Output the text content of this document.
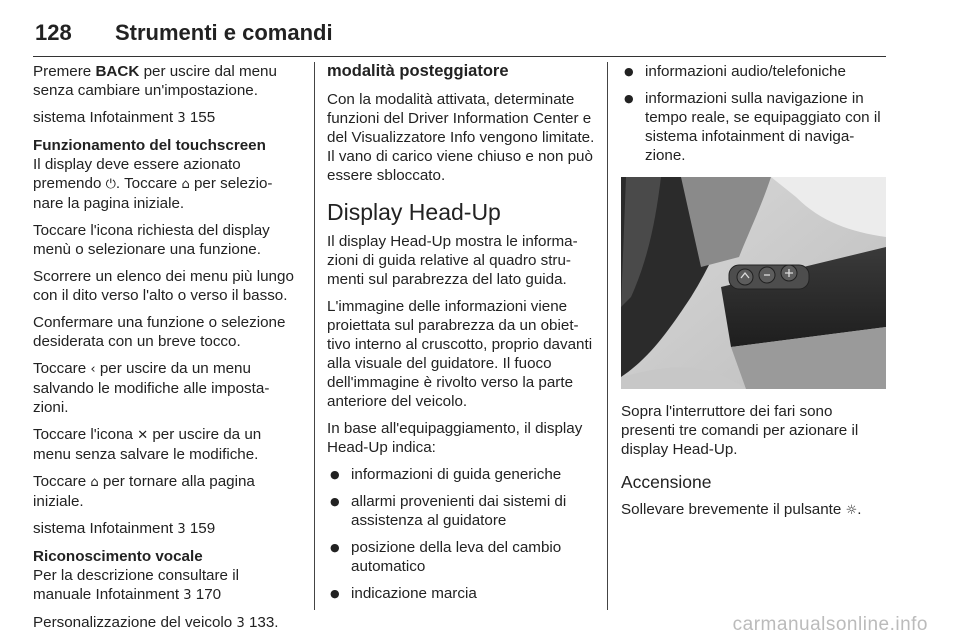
128 Strumenti e comandi

Premere BACK per uscire dal menu senza cambiare un'impostazione.

sistema Infotainment 3 155

Funzionamento del touchscreen

Il display deve essere azionato premendo ⏻. Toccare ⌂ per selezio-nare la pagina iniziale.

Toccare l'icona richiesta del display menù o selezionare una funzione.

Scorrere un elenco dei menu più lungo con il dito verso l'alto o verso il basso.

Confermare una funzione o selezione desiderata con un breve tocco.

Toccare ‹ per uscire da un menu salvando le modifiche alle imposta-zioni.

Toccare l'icona ✕ per uscire da un menu senza salvare le modifiche.

Toccare ⌂ per tornare alla pagina iniziale.

sistema Infotainment 3 159

Riconoscimento vocale

Per la descrizione consultare il manuale Infotainment 3 170

Personalizzazione del veicolo 3 133.

modalità posteggiatore

Con la modalità attivata, determinate funzioni del Driver Information Center e del Visualizzatore Info vengono limitate. Il vano di carico viene chiuso e non può essere sbloccato.

Display Head-Up

Il display Head-Up mostra le informa-zioni di guida relative al quadro stru-menti sul parabrezza del lato guida.

L'immagine delle informazioni viene proiettata sul parabrezza da un obiet-tivo interno al cruscotto, proprio davanti alla visuale del guidatore. Il fuoco dell'immagine è rivolto verso la parte anteriore del veicolo.

In base all'equipaggiamento, il display Head-Up indica:

● informazioni di guida generiche
● allarmi provenienti dai sistemi di assistenza al guidatore
● posizione della leva del cambio automatico
● indicazione marcia
● informazioni audio/telefoniche
● informazioni sulla navigazione in tempo reale, se equipaggiato con il sistema infotainment di naviga-zione.

Sopra l'interruttore dei fari sono presenti tre comandi per azionare il display Head-Up.

Accensione

Sollevare brevemente il pulsante ☼.

carmanualsonline.info
